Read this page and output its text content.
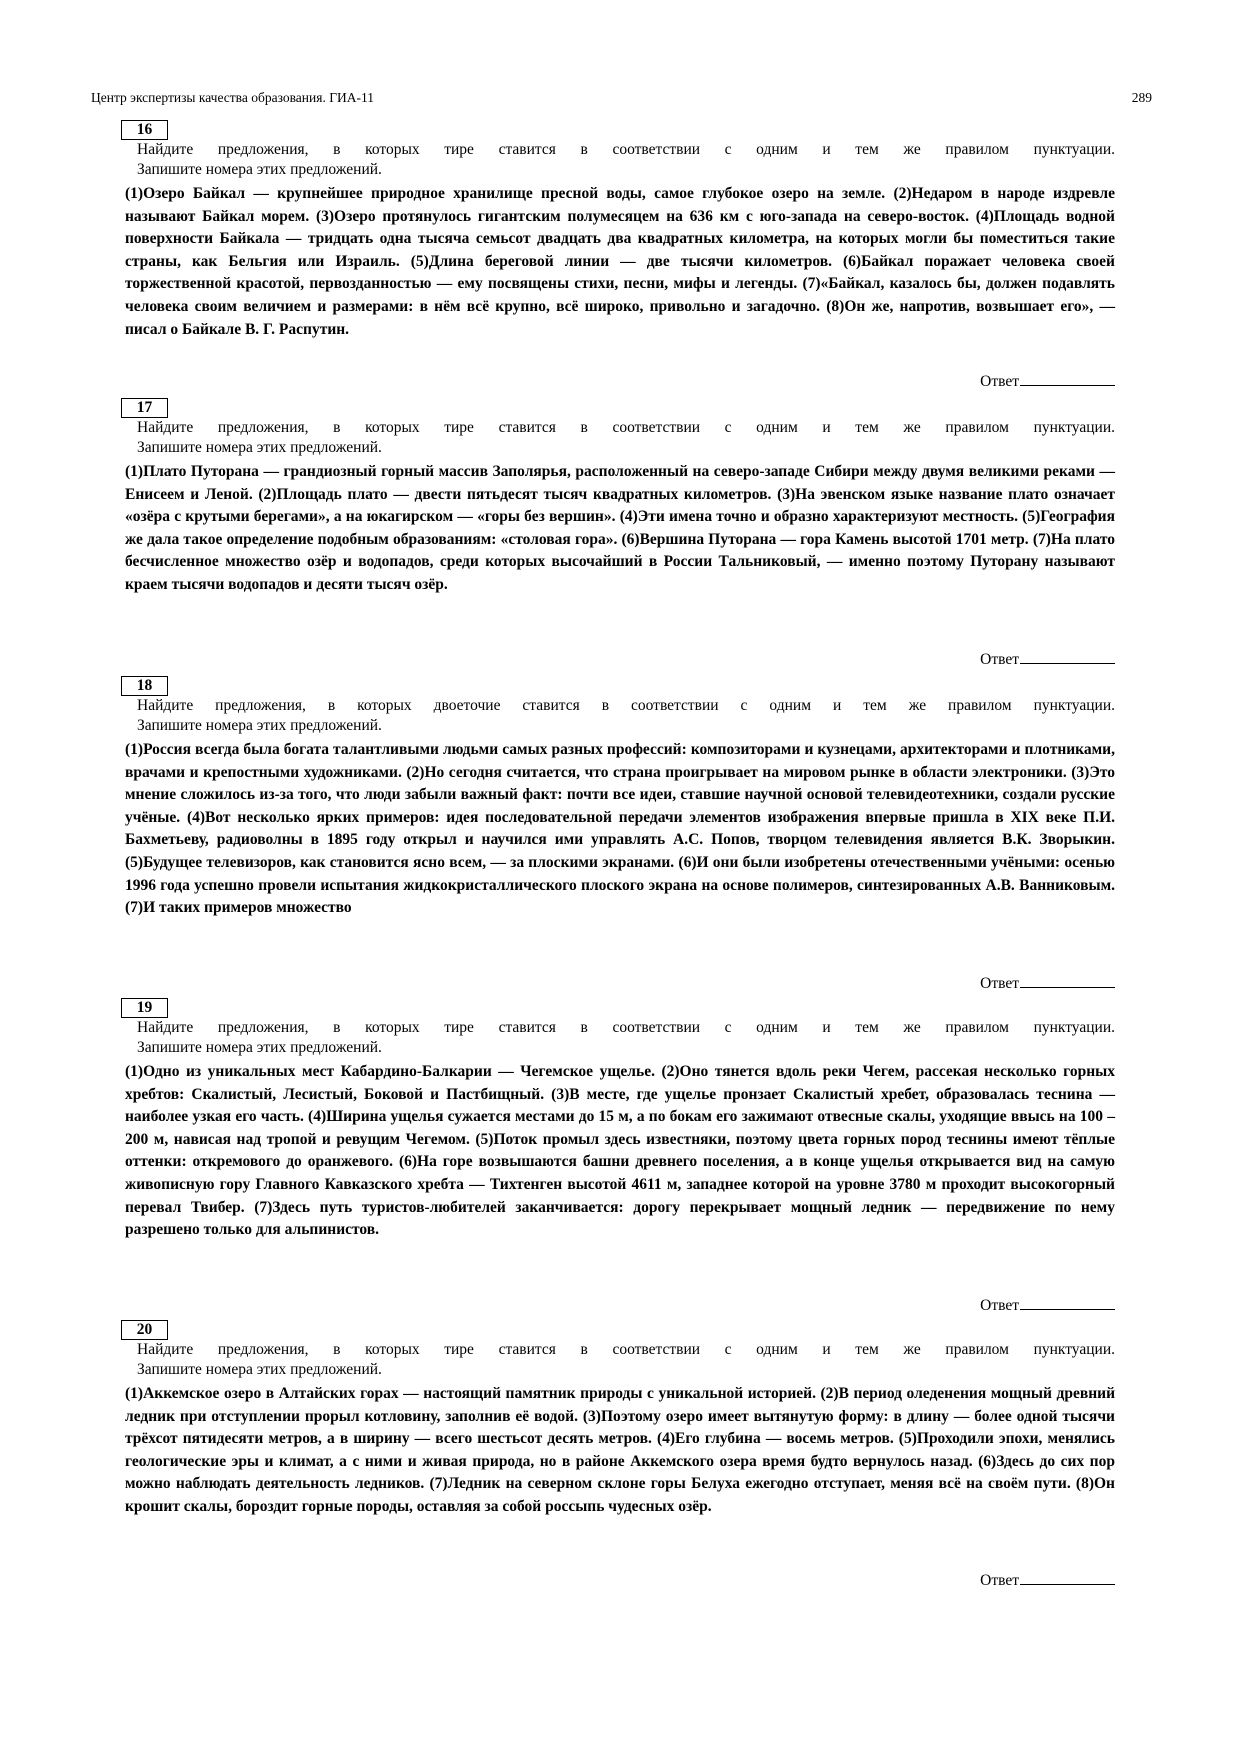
Центр экспертизы качества образования. ГИА-11	289
16
Найдите предложения, в которых тире ставится в соответствии с одним и тем же правилом пунктуации.
Запишите номера этих предложений.
(1)Озеро Байкал — крупнейшее природное хранилище пресной воды, самое глубокое озеро на земле. (2)Недаром в народе издревле называют Байкал морем. (3)Озеро протянулось гигантским полумесяцем на 636 км с юго-запада на северо-восток. (4)Площадь водной поверхности Байкала — тридцать одна тысяча семьсот двадцать два квадратных километра, на которых могли бы поместиться такие страны, как Бельгия или Израиль. (5)Длина береговой линии — две тысячи километров. (6)Байкал поражает человека своей торжественной красотой, первозданностью — ему посвящены стихи, песни, мифы и легенды. (7)«Байкал, казалось бы, должен подавлять человека своим величием и размерами: в нём всё крупно, всё широко, привольно и загадочно. (8)Он же, напротив, возвышает его», — писал о Байкале В. Г. Распутин.
Ответ
17
Найдите предложения, в которых тире ставится в соответствии с одним и тем же правилом пунктуации.
Запишите номера этих предложений.
(1)Плато Путорана — грандиозный горный массив Заполярья, расположенный на северо-западе Сибири между двумя великими реками — Енисеем и Леной. (2)Площадь плато — двести пятьдесят тысяч квадратных километров. (3)На эвенском языке название плато означает «озёра с крутыми берегами», а на юкагирском — «горы без вершин». (4)Эти имена точно и образно характеризуют местность. (5)География же дала такое определение подобным образованиям: «столовая гора». (6)Вершина Путорана — гора Камень высотой 1701 метр. (7)На плато бесчисленное множество озёр и водопадов, среди которых высочайший в России Тальниковый, — именно поэтому Путорану называют краем тысячи водопадов и десяти тысяч озёр.
Ответ
18
Найдите предложения, в которых двоеточие ставится в соответствии с одним и тем же правилом пунктуации.
Запишите номера этих предложений.
(1)Россия всегда была богата талантливыми людьми самых разных профессий: композиторами и кузнецами, архитекторами и плотниками, врачами и крепостными художниками. (2)Но сегодня считается, что страна проигрывает на мировом рынке в области электроники. (3)Это мнение сложилось из-за того, что люди забыли важный факт: почти все идеи, ставшие научной основой телевидеотехники, создали русские учёные. (4)Вот несколько ярких примеров: идея последовательной передачи элементов изображения впервые пришла в XIX веке П.И. Бахметьеву, радиоволны в 1895 году открыл и научился ими управлять А.С. Попов, творцом телевидения является В.К. Зворыкин. (5)Будущее телевизоров, как становится ясно всем, — за плоскими экранами. (6)И они были изобретены отечественными учёными: осенью 1996 года успешно провели испытания жидкокристаллического плоского экрана на основе полимеров, синтезированных А.В. Ванниковым. (7)И таких примеров множество
Ответ
19
Найдите предложения, в которых тире ставится в соответствии с одним и тем же правилом пунктуации.
Запишите номера этих предложений.
(1)Одно из уникальных мест Кабардино-Балкарии — Чегемское ущелье. (2)Оно тянется вдоль реки Чегем, рассекая несколько горных хребтов: Скалистый, Лесистый, Боковой и Пастбищный. (3)В месте, где ущелье пронзает Скалистый хребет, образовалась теснина — наиболее узкая его часть. (4)Ширина ущелья сужается местами до 15 м, а по бокам его зажимают отвесные скалы, уходящие ввысь на 100 – 200 м, нависая над тропой и ревущим Чегемом. (5)Поток промыл здесь известняки, поэтому цвета горных пород теснины имеют тёплые оттенки: откремового до оранжевого. (6)На горе возвышаются башни древнего поселения, а в конце ущелья открывается вид на самую живописную гору Главного Кавказского хребта — Тихтенген высотой 4611 м, западнее которой на уровне 3780 м проходит высокогорный перевал Твибер. (7)Здесь путь туристов-любителей заканчивается: дорогу перекрывает мощный ледник — передвижение по нему разрешено только для альпинистов.
Ответ
20
Найдите предложения, в которых тире ставится в соответствии с одним и тем же правилом пунктуации.
Запишите номера этих предложений.
(1)Аккемское озеро в Алтайских горах — настоящий памятник природы с уникальной историей. (2)В период оледенения мощный древний ледник при отступлении прорыл котловину, заполнив её водой. (3)Поэтому озеро имеет вытянутую форму: в длину — более одной тысячи трёхсот пятидесяти метров, а в ширину — всего шестьсот десять метров. (4)Его глубина — восемь метров. (5)Проходили эпохи, менялись геологические эры и климат, а с ними и живая природа, но в районе Аккемского озера время будто вернулось назад. (6)Здесь до сих пор можно наблюдать деятельность ледников. (7)Ледник на северном склоне горы Белуха ежегодно отступает, меняя всё на своём пути. (8)Он крошит скалы, бороздит горные породы, оставляя за собой россыпь чудесных озёр.
Ответ
